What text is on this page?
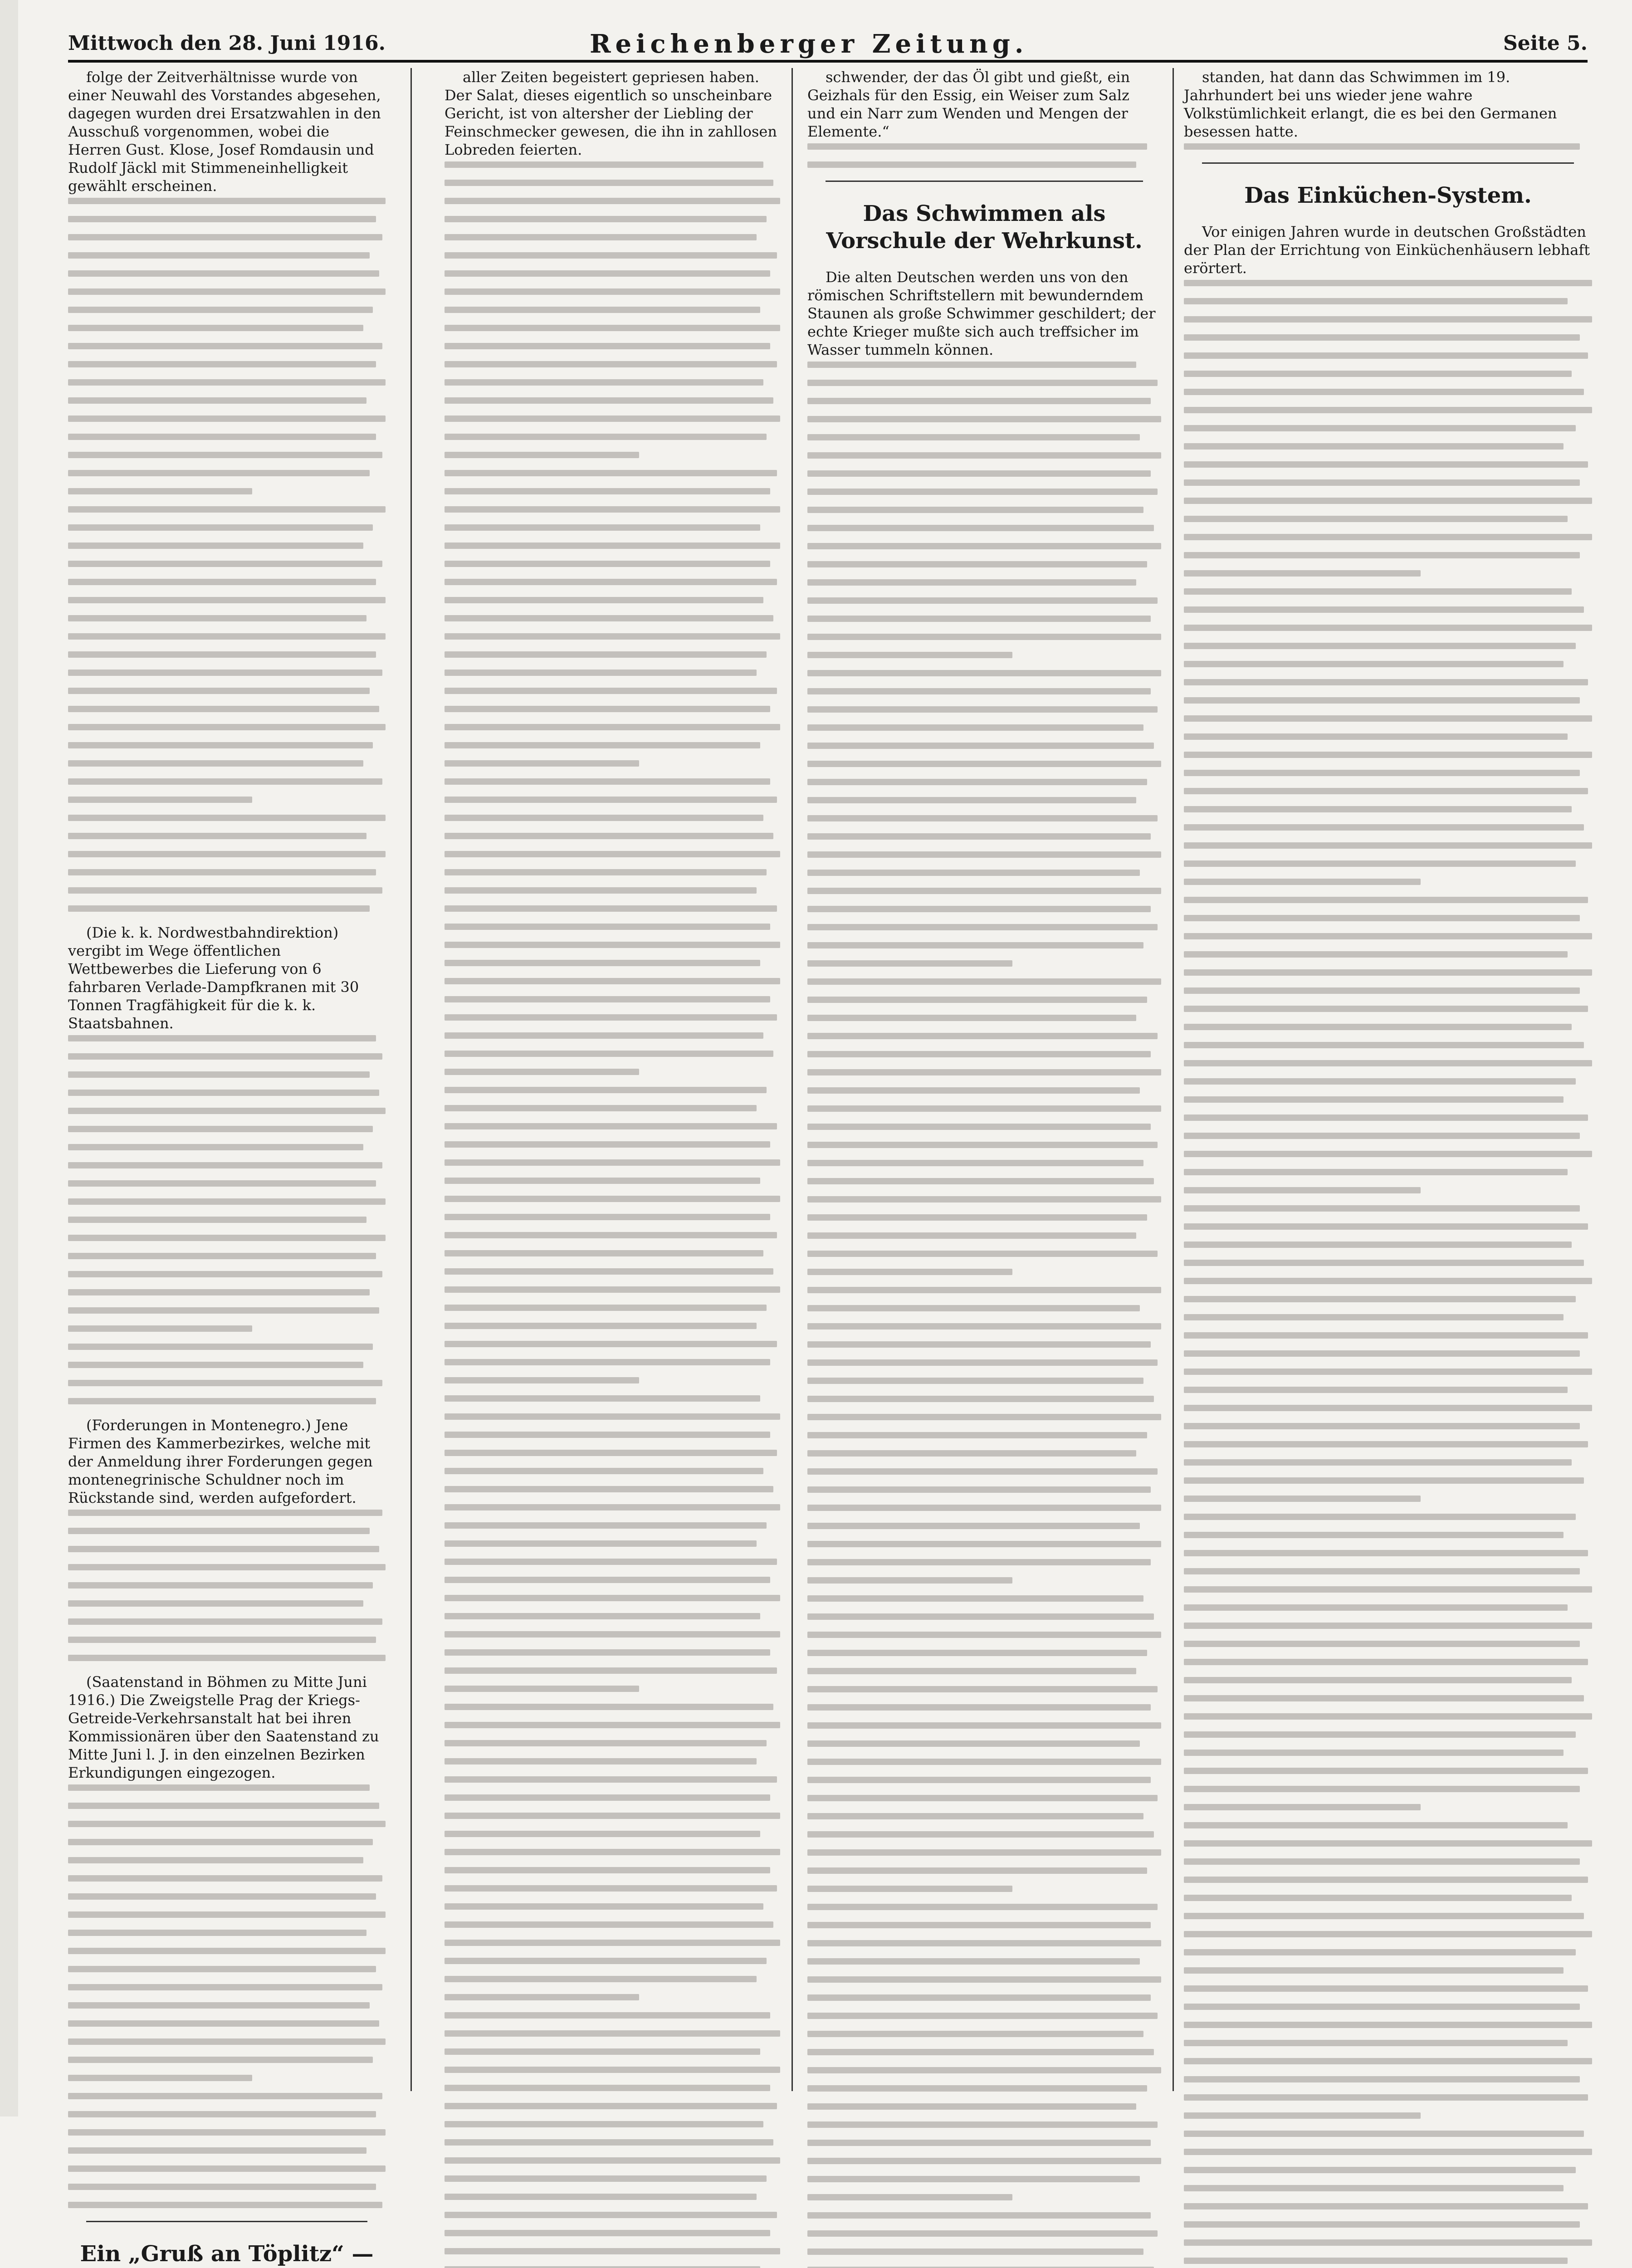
Mittwoch den 28. Juni 1916.	Reichenberger Zeitung.	Seite 5.

folge der Zeitverhältnisse wurde von einer Neuwahl des Vorstandes abgesehen, dagegen wurden drei Ersatzwahlen in den Ausschuß vorgenommen, wobei die Herren Gust. Klose, Josef Romdausin und Rudolf Jäckl mit Stimmeneinhelligkeit gewählt erscheinen.

(Die k. k. Nordwestbahndirektion) vergibt im Wege öffentlichen Wettbewerbes die Lieferung von 6 fahrbaren Verlade-Dampfkranen mit 30 Tonnen Tragfähigkeit für die k. k. Staatsbahnen.

(Forderungen in Montenegro.) Jene Firmen des Kammerbezirkes, welche mit der Anmeldung ihrer Forderungen gegen montenegrinische Schuldner noch im Rückstande sind, werden aufgefordert.

(Saatenstand in Böhmen zu Mitte Juni 1916.) Die Zweigstelle Prag der Kriegs-Getreide-Verkehrsanstalt hat bei ihren Kommissionären über den Saatenstand zu Mitte Juni l. J. in den einzelnen Bezirken Erkundigungen eingezogen.

Ein „Gruß an Töplitz“ —

aller Zeiten begeistert gepriesen haben. Der Salat, dieses eigentlich so unscheinbare Gericht, ist von altersher der Liebling der Feinschmecker gewesen, die ihn in zahllosen Lobreden feierten.

schwender, der das Öl gibt und gießt, ein Geizhals für den Essig, ein Weiser zum Salz und ein Narr zum Wenden und Mengen der Elemente.“

Das Schwimmen als Vorschule der Wehrkunst.

Die alten Deutschen werden uns von den römischen Schriftstellern mit bewunderndem Staunen als große Schwimmer geschildert; der echte Krieger mußte sich auch treffsicher im Wasser tummeln können.

standen, hat dann das Schwimmen im 19. Jahrhundert bei uns wieder jene wahre Volkstümlichkeit erlangt, die es bei den Germanen besessen hatte.

Das Einküchen-System.

Vor einigen Jahren wurde in deutschen Großstädten der Plan der Errichtung von Einküchenhäusern lebhaft erörtert.
